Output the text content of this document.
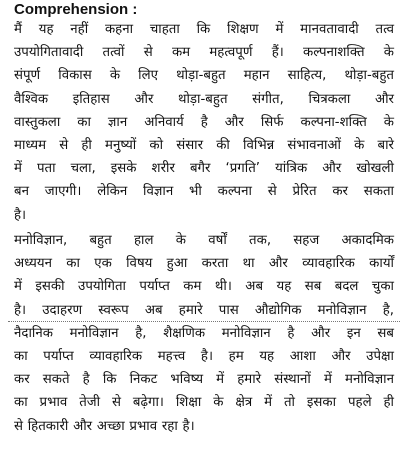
Comprehension :
मैं यह नहीं कहना चाहता कि शिक्षण में मानवतावादी तत्व
उपयोगितावादी तत्वों से कम महत्वपूर्ण हैं। कल्पनाशक्ति के
संपूर्ण विकास के लिए थोड़ा-बहुत महान साहित्य, थोड़ा-बहुत
वैश्विक इतिहास और थोड़ा-बहुत संगीत, चित्रकला और
वास्तुकला का ज्ञान अनिवार्य है और सिर्फ कल्पना-शक्ति के
माध्यम से ही मनुष्यों को संसार की विभिन्न संभावनाओं के बारे
में पता चला, इसके शरीर बगैर ‘प्रगति’ यांत्रिक और खोखली
बन जाएगी। लेकिन विज्ञान भी कल्पना से प्रेरित कर सकता
है।
मनोविज्ञान, बहुत हाल के वर्षों तक, सहज अकादमिक
अध्ययन का एक विषय हुआ करता था और व्यावहारिक कार्यों
में इसकी उपयोगिता पर्याप्त कम थी। अब यह सब बदल चुका
है। उदाहरण स्वरूप अब हमारे पास औद्योगिक मनोविज्ञान है,
नैदानिक मनोविज्ञान है, शैक्षणिक मनोविज्ञान है और इन सब
का पर्याप्त व्यावहारिक महत्त्व है। हम यह आशा और उपेक्षा
कर सकते है कि निकट भविष्य में हमारे संस्थानों में मनोविज्ञान
का प्रभाव तेजी से बढ़ेगा। शिक्षा के क्षेत्र में तो इसका पहले ही
से हितकारी और अच्छा प्रभाव रहा है।
